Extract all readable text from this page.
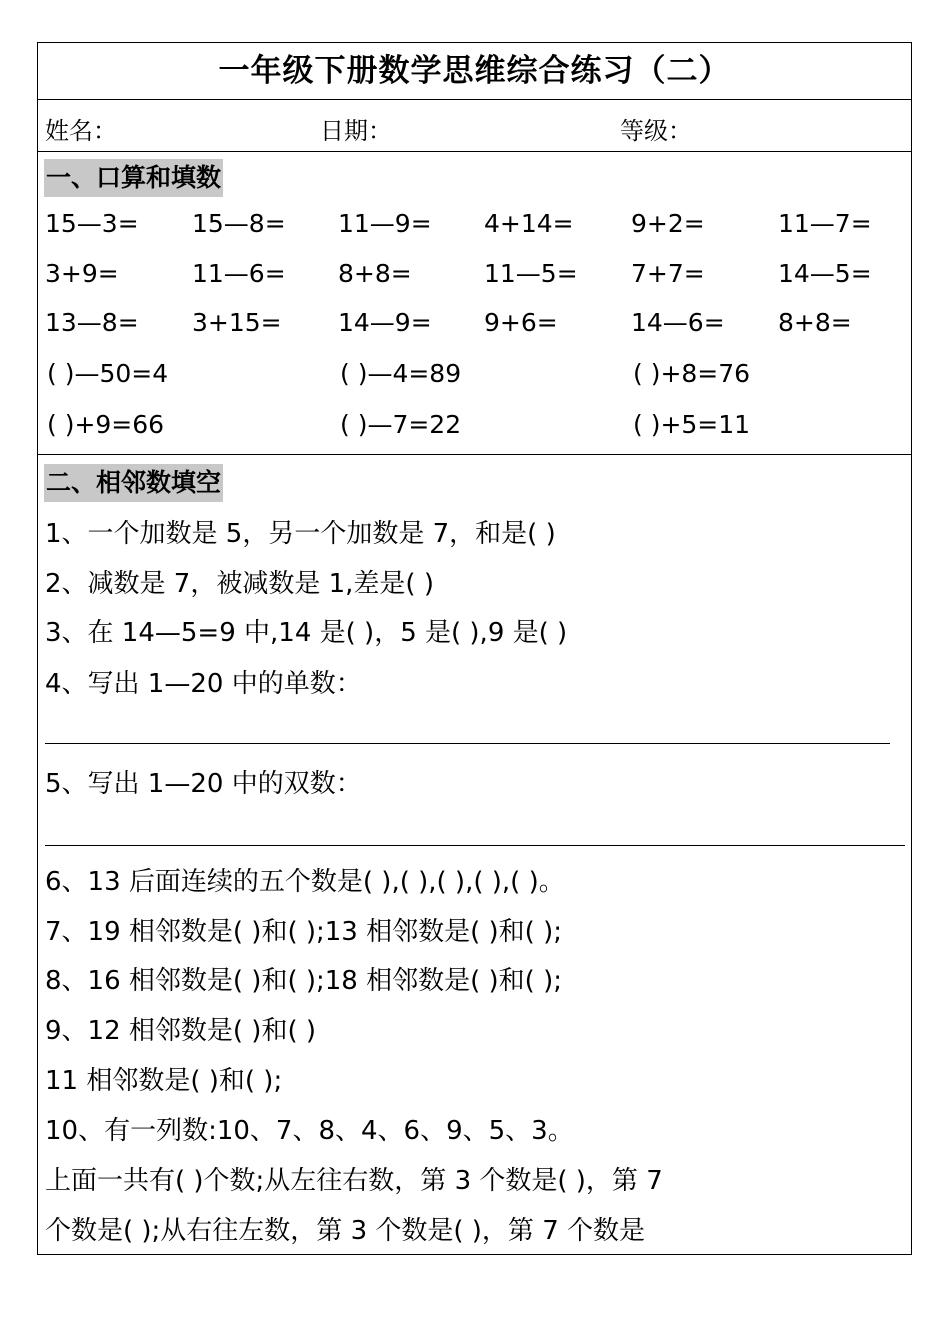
一年级下册数学思维综合练习（二）
姓名：	日期：	等级：
一、口算和填数
15—3= 15—8= 11—9= 4+14= 9+2=	11—7=
3+9=	11—6= 8+8=	11—5= 7+7=	14—5=
13—8= 3+15= 14—9= 9+6=	14—6= 8+8=
( )—50=4	( )—4=89	( )+8=76
( )+9=66	( )—7=22	( )+5=11
二、相邻数填空
1、一个加数是 5，另一个加数是 7，和是( )
2、减数是 7，被减数是 1,差是( )
3、在 14—5=9 中,14 是( )，5 是( ),9 是( )
4、写出 1—20 中的单数：
5、写出 1—20 中的双数：
6、13 后面连续的五个数是( ),( ),( ),( ),( )。
7、19 相邻数是( )和( );13 相邻数是( )和( );
8、16 相邻数是( )和( );18 相邻数是( )和( );
9、12 相邻数是( )和( )
11 相邻数是( )和( );
10、有一列数:10、7、8、4、6、9、5、3。
上面一共有( )个数;从左往右数，第 3 个数是( )，第 7
个数是( );从右往左数，第 3 个数是( )，第 7 个数是
